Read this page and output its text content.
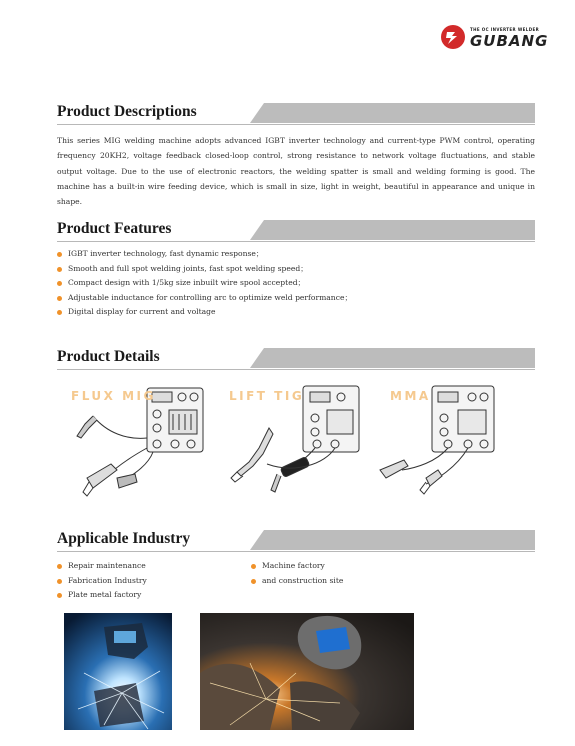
THE OC INVERTER WELDER
GUBANG
Product Descriptions
This series MIG welding machine adopts advanced IGBT inverter technology and current-type PWM control, operating frequency 20KH2, voltage feedback closed-loop control, strong resistance to network voltage fluctuations, and stable output voltage. Due to the use of electronic reactors, the welding spatter is small and welding forming is good. The machine has a built-in wire feeding device, which is small in size, light in weight, beautiful in appearance and unique in shape.
Product Features
IGBT inverter technology, fast dynamic response；
Smooth and full spot welding joints, fast spot welding speed；
Compact design with 1/5kg size inbuilt wire spool accepted；
Adjustable inductance for controlling arc to optimize weld performance；
Digital display for current and voltage
Product Details
FLUX MIG	LIFT TIG	MMA
Applicable Industry
Repair maintenance
Fabrication Industry
Plate metal factory
Machine factory
and construction site
